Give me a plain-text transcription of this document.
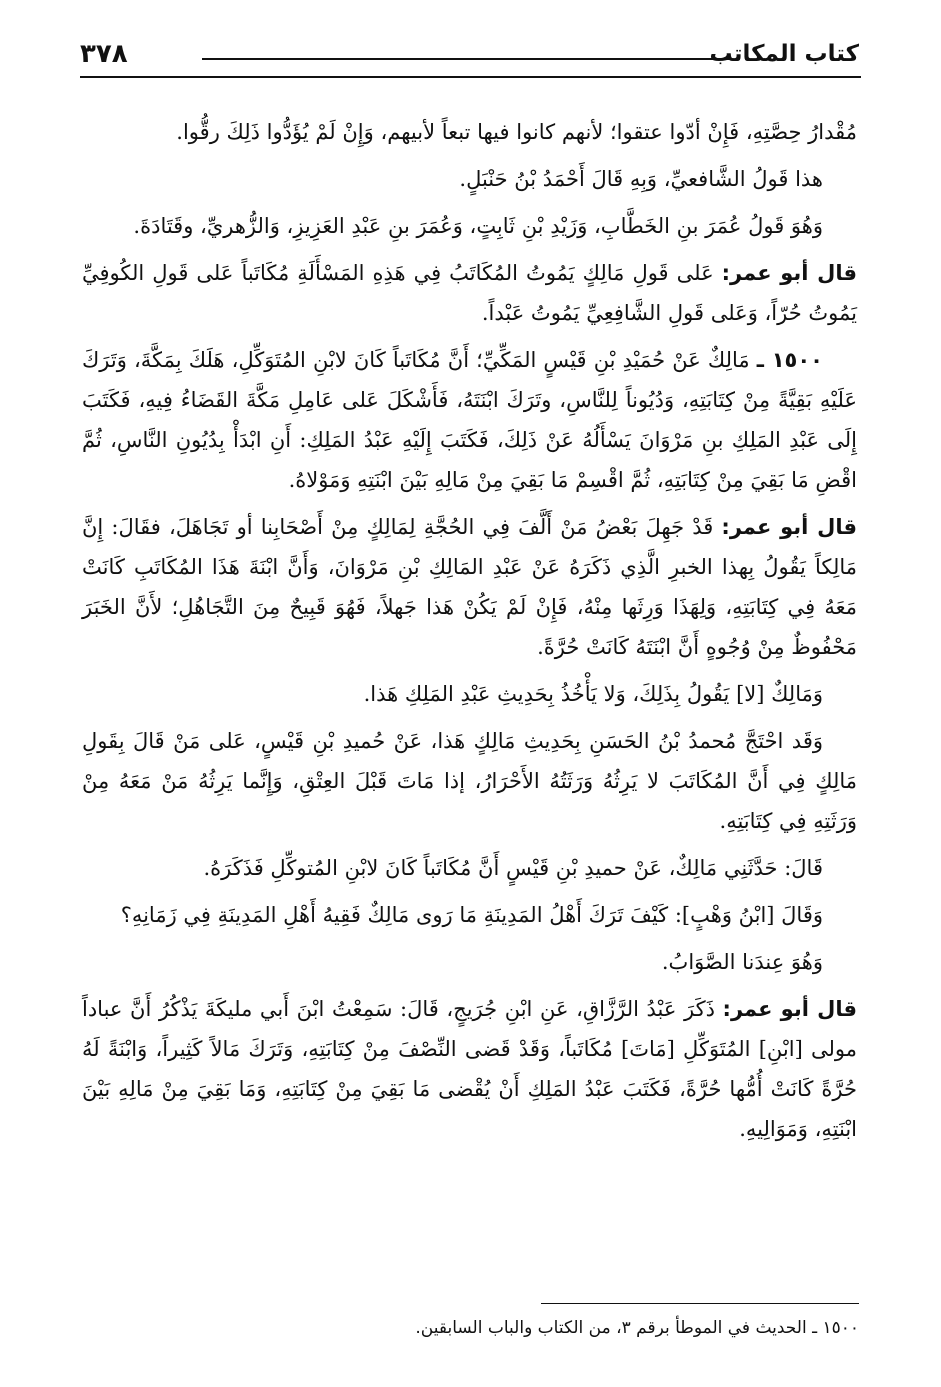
كتاب المكاتب
٣٧٨

مُقْدارُ حِصَّتِهِ، فَإِنْ أدّوا عتقوا؛ لأنهم كانوا فيها تبعاً لأبيهم، وَإِنْ لَمْ يُؤَدُّوا ذَلِكَ رقُّوا.

هذا قَولُ الشَّافعيِّ، وَبِهِ قَالَ أَحْمَدُ بْنُ حَنْبَلٍ.

وَهُوَ قَولُ عُمَرَ بنِ الخَطَّابِ، وَزَيْدِ بْنِ ثَابِتٍ، وَعُمَرَ بنِ عَبْدِ العَزِيزِ، وَالزُّهريِّ، وقَتَادَةَ.

قال أبو عمر: عَلى قَولِ مَالِكٍ يَمُوتُ المُكَاتَبُ فِي هَذِهِ المَسْأَلَةِ مُكَاتَباً عَلى قَولِ الكُوفِيِّ يَمُوتُ حُرّاً، وَعَلى قَولِ الشَّافِعِيِّ يَمُوتُ عَبْداً.

١٥٠٠ ـ مَالِكٌ عَنْ حُمَيْدِ بْنِ قَيْسٍ المَكِّيِّ؛ أَنَّ مُكَاتَباً كَانَ لابْنِ المُتَوَكِّلِ، هَلَكَ بِمَكَّةَ، وَتَرَكَ عَلَيْهِ بَقِيَّةً مِنْ كِتَابَتِهِ، وَدُيُوناً لِلنَّاسِ، وتَرَكَ ابْنَتَهُ، فَأَشْكَلَ عَلى عَامِلِ مَكَّةَ القَضَاءُ فِيهِ، فَكَتَبَ إِلَى عَبْدِ المَلِكِ بنِ مَرْوَانَ يَسْأَلُهُ عَنْ ذَلِكَ، فَكَتَبَ إِلَيْهِ عَبْدُ المَلِكِ: أَنِ ابْدَأْ بِدُيُونِ النَّاسِ، ثُمَّ اقْضِ مَا بَقِيَ مِنْ كِتَابَتِهِ، ثُمَّ اقْسِمْ مَا بَقِيَ مِنْ مَالِهِ بَيْنَ ابْنَتِهِ وَمَوْلاهُ.

قال أبو عمر: قَدْ جَهِلَ بَعْضُ مَنْ أَلَّفَ فِي الحُجَّةِ لِمَالِكٍ مِنْ أَصْحَابِنا أو تَجَاهَلَ، فقَالَ: إِنَّ مَالِكاً يَقُولُ بِهذا الخبرِ الَّذِي ذَكَرَهُ عَنْ عَبْدِ المَالِكِ بْنِ مَرْوَانَ، وَأَنَّ ابْنَةَ هَذَا المُكَاتَبِ كَانَتْ مَعَهُ فِي كِتَابَتِهِ، وَلِهَذَا وَرِثَها مِنْهُ، فَإِنْ لَمْ يَكُنْ هَذا جَهلاً، فَهُوَ قَبِيحٌ مِنَ التَّجَاهُلِ؛ لأَنَّ الخَبَرَ مَحْفُوظٌ مِنْ وُجُوهٍ أَنَّ ابْنَتَهُ كَانَتْ حُرَّةً.

وَمَالِكٌ [لا] يَقُولُ بِذَلِكَ، وَلا يَأْخُذُ بِحَدِيثِ عَبْدِ المَلِكِ هَذا.

وَقَد احْتَجَّ مُحمدُ بْنُ الحَسَنِ بِحَدِيثِ مَالِكٍ هَذا، عَنْ حُميدِ بْنِ قَيْسٍ، عَلى مَنْ قَالَ بِقَولِ مَالِكٍ فِي أَنَّ المُكَاتَبَ لا يَرِثُهُ وَرَثَتُهُ الأَحْرَارُ، إذا مَاتَ قَبْلَ العِتْقِ، وَإِنَّما يَرِثُهُ مَنْ مَعَهُ مِنْ وَرَثَتِهِ فِي كِتَابَتِهِ.

قَالَ: حَدَّثَنِي مَالِكٌ، عَنْ حميدِ بْنِ قَيْسٍ أَنَّ مُكَاتَباً كَانَ لابْنِ المُتوكِّلِ فَذَكَرَهُ.

وَقَالَ [ابْنُ وَهْبٍ]: كَيْفَ تَرَكَ أَهْلُ المَدِينَةِ مَا رَوى مَالِكٌ فَقِيهُ أَهْلِ المَدِينَةِ فِي زَمَانِهِ؟

وَهُوَ عِندَنا الصَّوَابُ.

قال أبو عمر: ذَكَرَ عَبْدُ الرَّزَّاقِ، عَنِ ابْنِ جُرَيجٍ، قَالَ: سَمِعْتُ ابْنَ أَبي مليكَةَ يَذْكُرُ أَنَّ عباداً مولى [ابْنِ] المُتَوَكِّلِ [مَاتَ] مُكَاتَباً، وَقَدْ قَضى النِّصْفَ مِنْ كِتَابَتِهِ، وَتَرَكَ مَالاً كَثِيراً، وَابْنَةً لَهُ حُرَّةً كَانَتْ أُمُّها حُرَّةً، فَكَتَبَ عَبْدُ المَلِكِ أَنْ يُقْضى مَا بَقِيَ مِنْ كِتَابَتِهِ، وَمَا بَقِيَ مِنْ مَالِهِ بَيْنَ ابْنَتِهِ، وَمَوَالِيهِ.

١٥٠٠ ـ الحديث في الموطأ برقم ٣، من الكتاب والباب السابقين.
